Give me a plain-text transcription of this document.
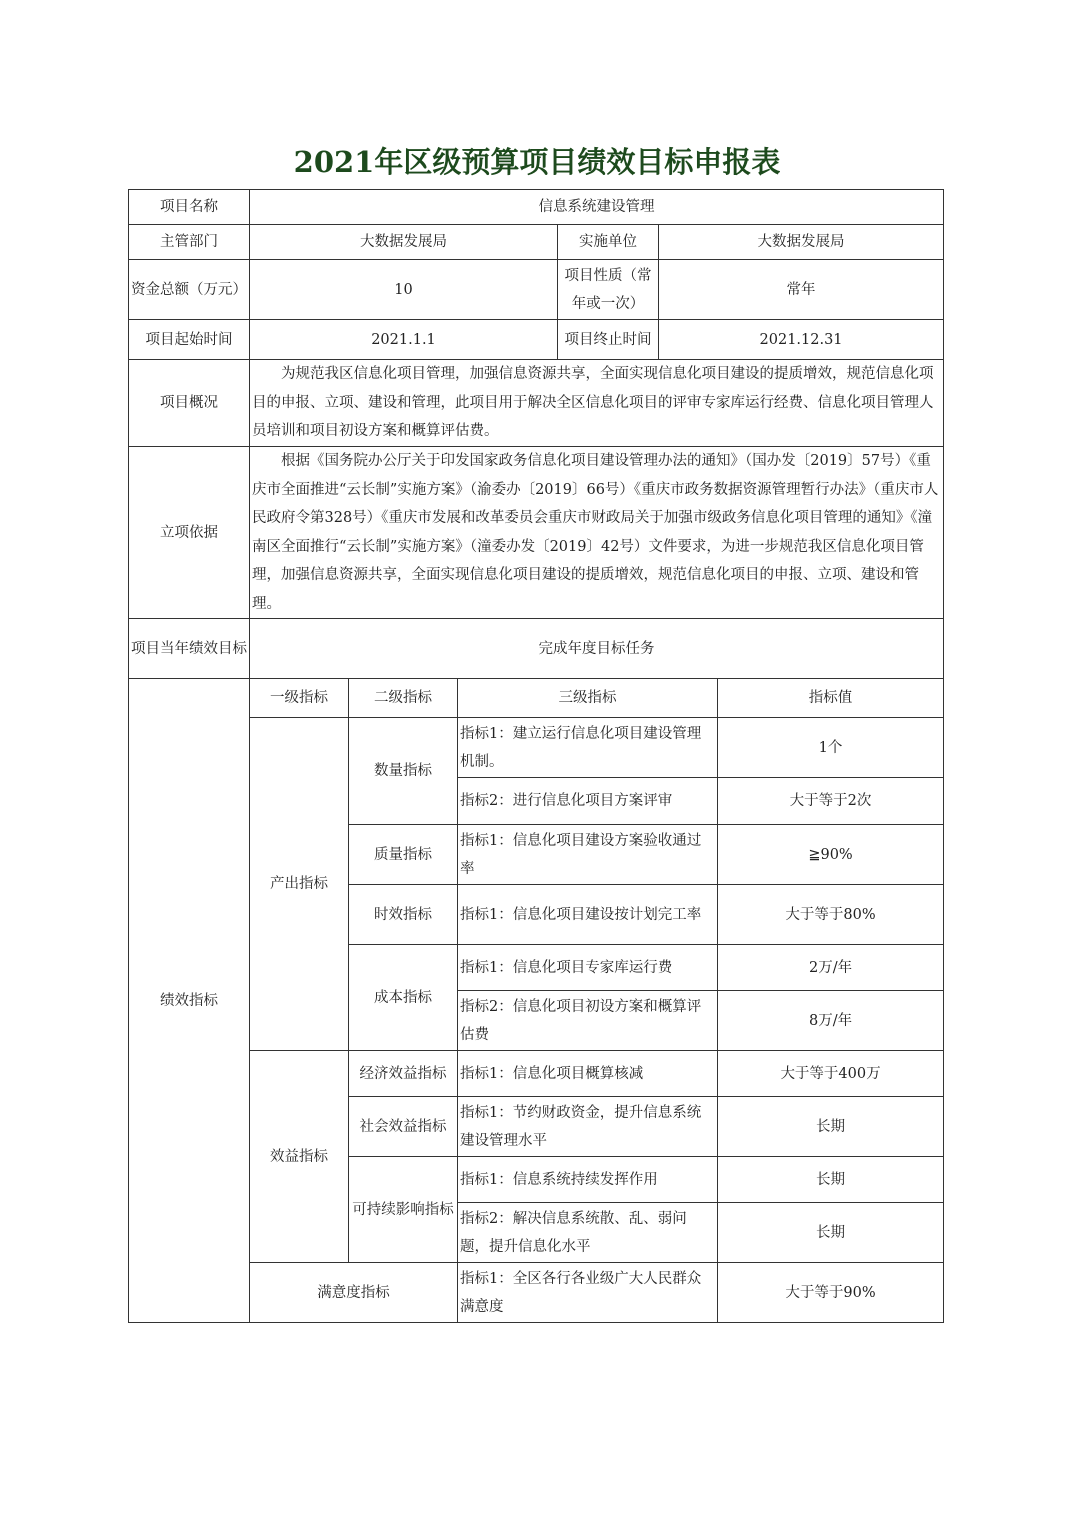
2021年区级预算项目绩效目标申报表
项目名称	信息系统建设管理					
主管部门	大数据发展局			实施单位	大数据发展局	
资金总额（万元）	10			项目性质（常年或一次）	常年	
项目起始时间	2021.1.1			项目终止时间	2021.12.31	
项目概况	为规范我区信息化项目管理，加强信息资源共享，全面实现信息化项目建设的提质增效，规范信息化项目的申报、立项、建设和管理，此项目用于解决全区信息化项目的评审专家库运行经费、信息化项目管理人员培训和项目初设方案和概算评估费。					
立项依据	根据《国务院办公厅关于印发国家政务信息化项目建设管理办法的通知》（国办发〔2019〕57号）《重庆市全面推进“云长制”实施方案》（渝委办〔2019〕66号）《重庆市政务数据资源管理暂行办法》（重庆市人民政府令第328号）《重庆市发展和改革委员会重庆市财政局关于加强市级政务信息化项目管理的通知》《潼南区全面推行“云长制”实施方案》（潼委办发〔2019〕42号）文件要求，为进一步规范我区信息化项目管理，加强信息资源共享，全面实现信息化项目建设的提质增效，规范信息化项目的申报、立项、建设和管理。					
项目当年绩效目标	完成年度目标任务					
绩效指标	一级指标	二级指标	三级指标			指标值
	产出指标	数量指标	指标1：建立运行信息化项目建设管理机制。			1个
			指标2：进行信息化项目方案评审			大于等于2次
		质量指标	指标1：信息化项目建设方案验收通过率			≧90%
		时效指标	指标1：信息化项目建设按计划完工率			大于等于80%
		成本指标	指标1：信息化项目专家库运行费			2万/年
			指标2：信息化项目初设方案和概算评估费			8万/年
	效益指标	经济效益指标	指标1：信息化项目概算核减			大于等于400万
		社会效益指标	指标1：节约财政资金，提升信息系统建设管理水平			长期
		可持续影响指标	指标1：信息系统持续发挥作用			长期
			指标2：解决信息系统散、乱、弱问题，提升信息化水平			长期
	满意度指标		指标1：全区各行各业级广大人民群众满意度			大于等于90%
